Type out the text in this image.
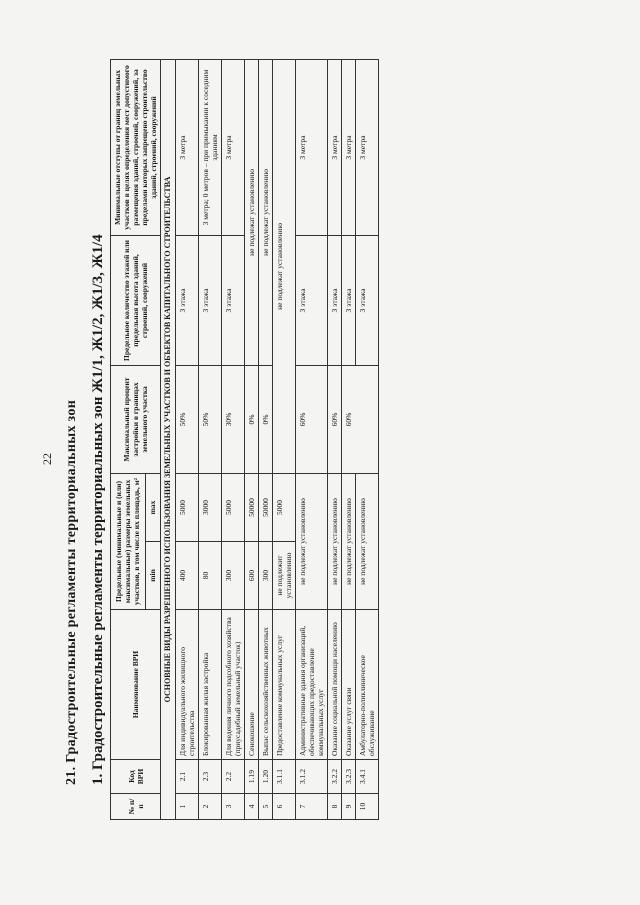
22 21. Градостроительные регламенты территориальных зон 1. Градостроительные регламенты территориальных зон Ж1/1, Ж1/2, Ж1/3, Ж1/4
№ п/п	Код ВРИ	Наименование ВРИ	Предельные (минимальные и (или) максимальные) размеры земельных участков, в том числе их площадь, м²		Максимальный процент застройки в границах земельного участка	Предельное количество этажей или предельная высота зданий, строений, сооружений	Минимальные отступы от границ земельных участков в целях определения мест допустимого размещения зданий, строений, сооружений, за пределами которых запрещено строительство зданий, строений, сооружений
			min	max			
ОСНОВНЫЕ ВИДЫ РАЗРЕШЕННОГО ИСПОЛЬЗОВАНИЯ ЗЕМЕЛЬНЫХ УЧАСТКОВ И ОБЪЕКТОВ КАПИТАЛЬНОГО СТРОИТЕЛЬСТВА							
1	2.1	Для индивидуального жилищного строительства	400	5000	50%	3 этажа	3 метра
2	2.3	Блокированная жилая застройка	80	3000	50%	3 этажа	3 метра; 0 метров – при примыкании к соседним зданиям
3	2.2	Для ведения личного подсобного хозяйства (приусадебный земельный участок)	300	5000	30%	3 этажа	3 метра
4	1.19	Сенокошение	600	50000	0%	не подлежат установлению	
5	1.20	Выпас сельскохозяйственных животных	300	50000	0%	не подлежат установлению	
6	3.1.1	Предоставление коммунальных услуг	не подлежит установлению	5000	не подлежат установлению		
7	3.1.2	Административные здания организаций, обеспечивающих предоставление коммунальных услуг	не подлежат установлению		60%	3 этажа	3 метра
8	3.2.2	Оказание социальной помощи населению	не подлежат установлению		60%	3 этажа	3 метра
9	3.2.3	Оказание услуг связи	не подлежат установлению		60%	3 этажа	3 метра
10	3.4.1	Амбулаторно-поликлиническое обслуживание	не подлежат установлению			3 этажа	3 метра
